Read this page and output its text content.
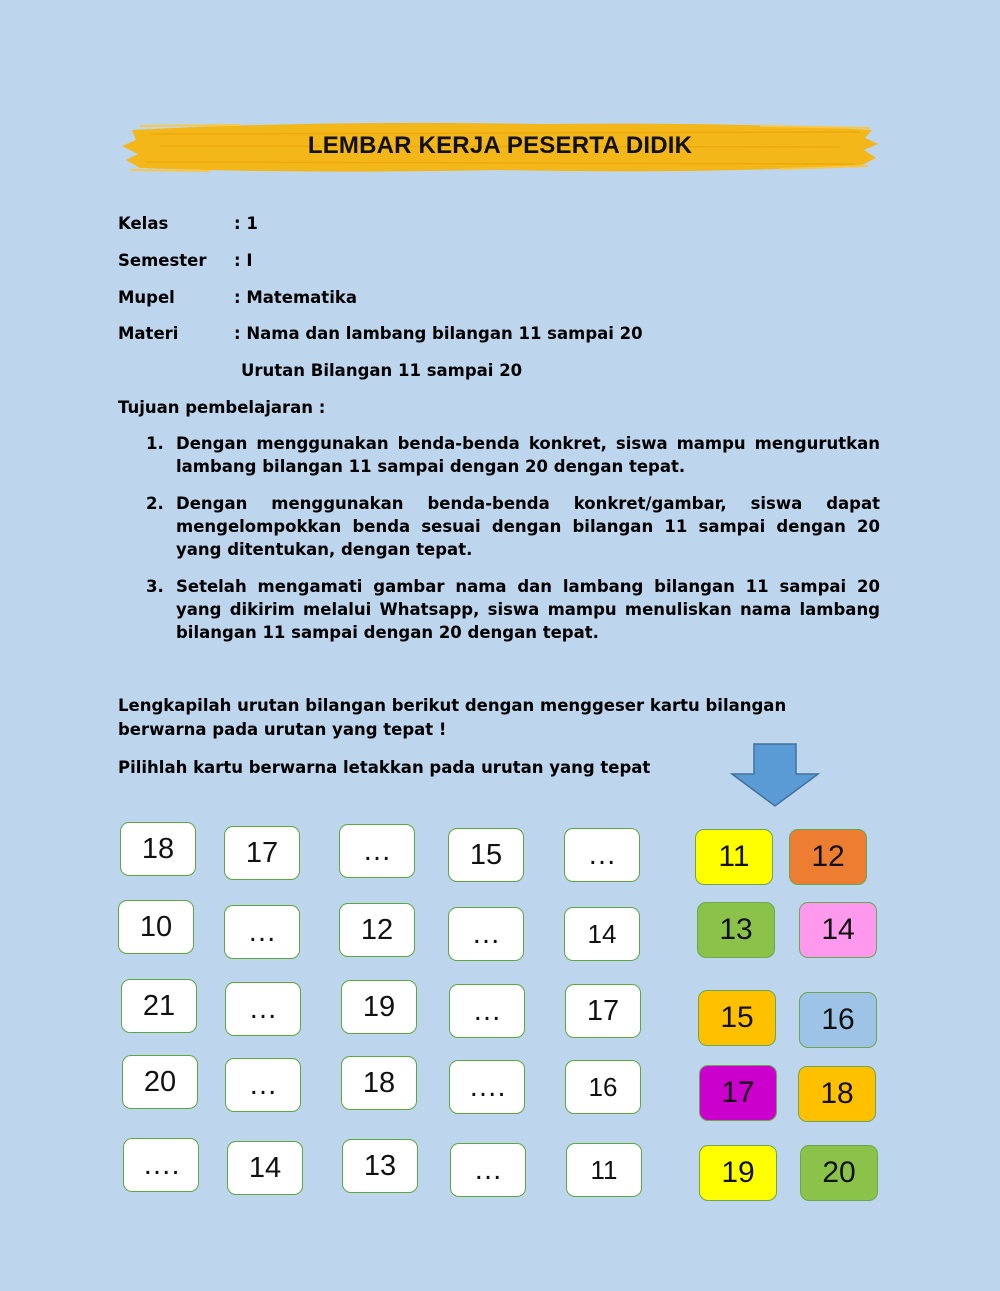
LEMBAR KERJA PESERTA DIDIK
Kelas	: 1
Semester : I
Mupel	: Matematika
Materi	: Nama dan lambang bilangan 11 sampai 20
Urutan Bilangan 11 sampai 20
Tujuan pembelajaran :
1. Dengan menggunakan benda-benda konkret, siswa mampu mengurutkan lambang bilangan 11 sampai dengan 20 dengan tepat.
2. Dengan menggunakan benda-benda konkret/gambar, siswa dapat mengelompokkan benda sesuai dengan bilangan 11 sampai dengan 20 yang ditentukan, dengan tepat.
3. Setelah mengamati gambar nama dan lambang bilangan 11 sampai 20 yang dikirim melalui Whatsapp, siswa mampu menuliskan nama lambang bilangan 11 sampai dengan 20 dengan tepat.
Lengkapilah urutan bilangan berikut dengan menggeser kartu bilangan berwarna pada urutan yang tepat !
Pilihlah kartu berwarna letakkan pada urutan yang tepat
18	17	…	15	…
10	…	12	…	14
21	…	19	…	17
20	…	18	….	16
….	14	13	…	11
11	12
13	14
15	16
17	18
19	20
